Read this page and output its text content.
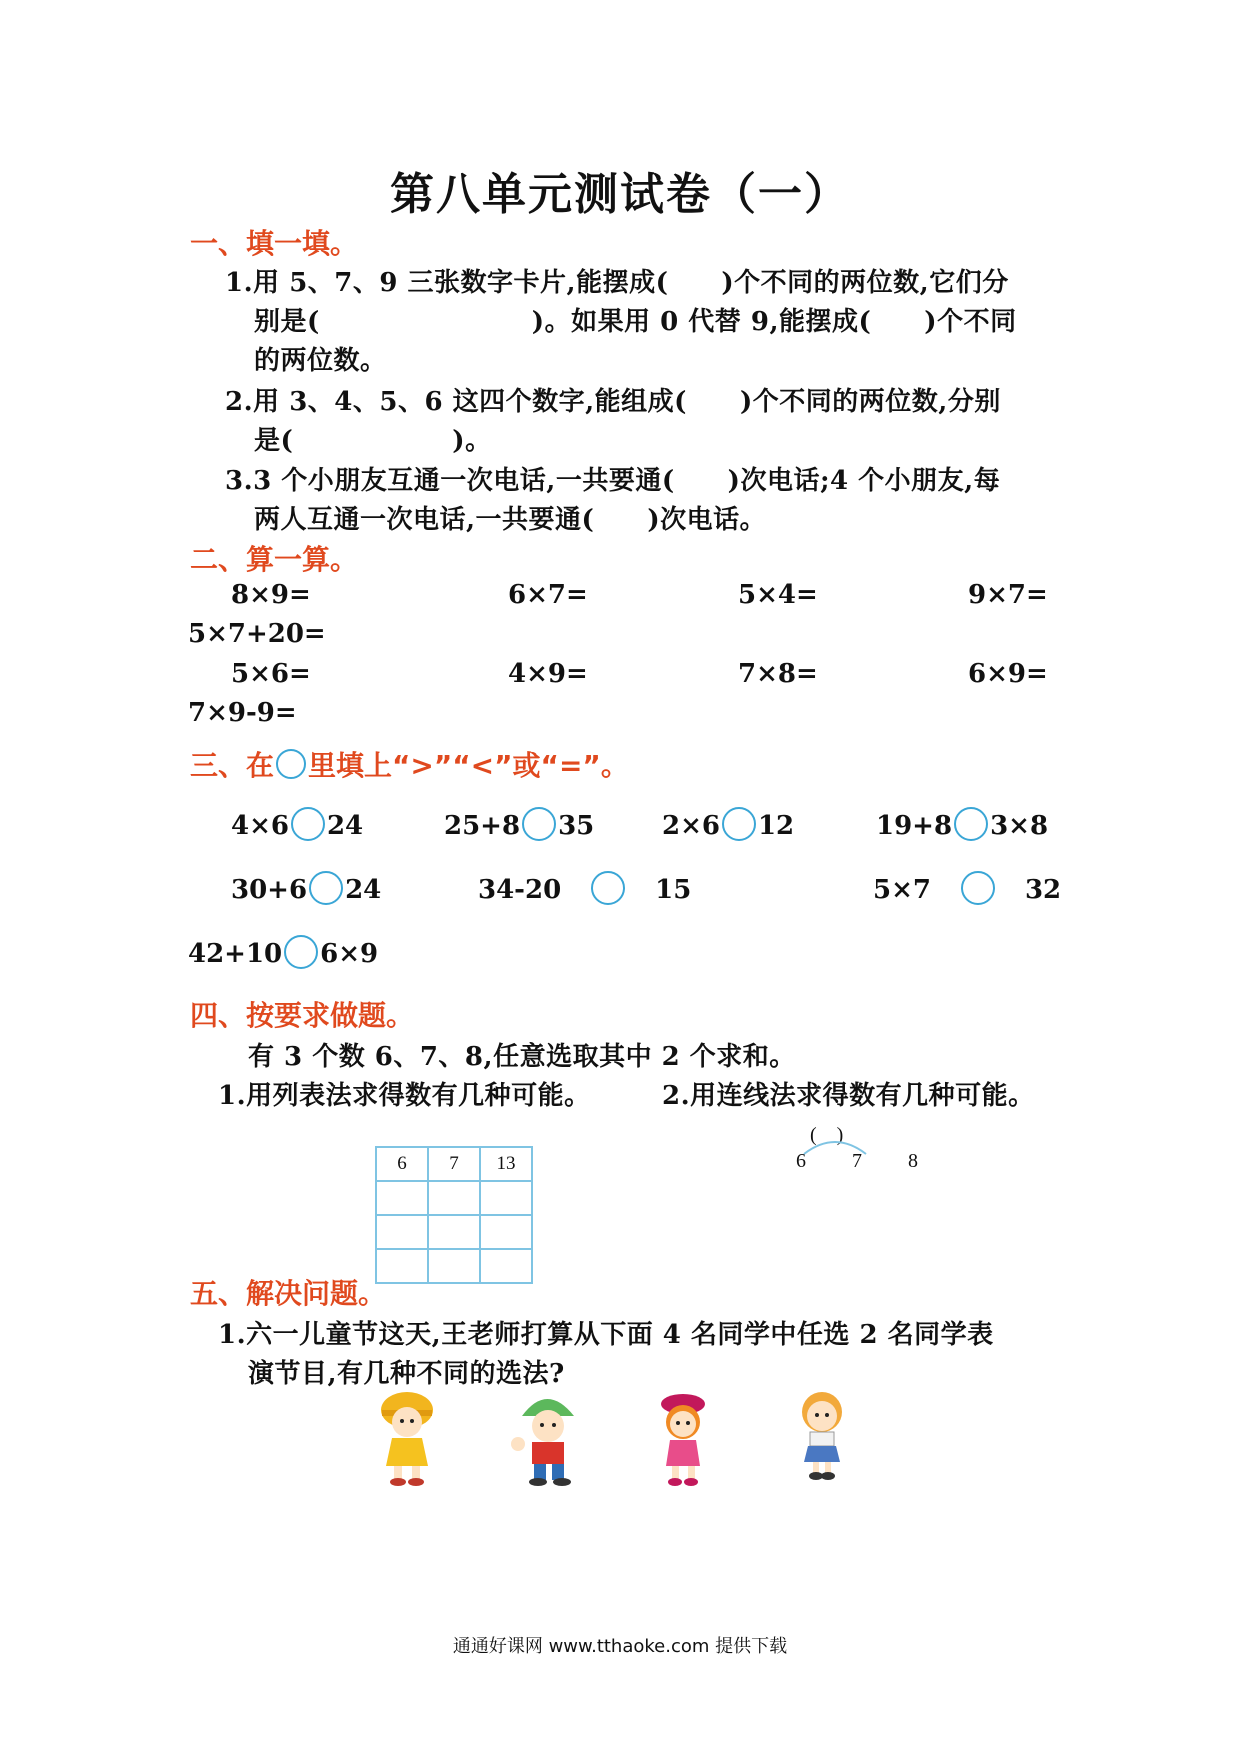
第八单元测试卷（一）
一、填一填。
1.用 5、7、9 三张数字卡片,能摆成(　　)个不同的两位数,它们分
别是(　　　　　　　　)。如果用 0 代替 9,能摆成(　　)个不同
的两位数。
2.用 3、4、5、6 这四个数字,能组成(　　)个不同的两位数,分别
是(　　　　　　)。
3.3 个小朋友互通一次电话,一共要通(　　)次电话;4 个小朋友,每
两人互通一次电话,一共要通(　　)次电话。
二、算一算。
8×9=	6×7=	5×4=	9×7=
5×7+20=
5×6=	4×9=	7×8=	6×9=
7×9-9=
三、在 里填上“>”“<”或“=”。
4×6 24	25+8 35	2×6 12	19+8 3×8
30+6 24	34-20	15	5×7	32
42+10 6×9
四、按要求做题。
有 3 个数 6、7、8,任意选取其中 2 个求和。
1.用列表法求得数有几种可能。	2.用连线法求得数有几种可能。
6	7	13

(　)
6 7 8
五、解决问题。
1.六一儿童节这天,王老师打算从下面 4 名同学中任选 2 名同学表
演节目,有几种不同的选法?
通通好课网 www.tthaoke.com 提供下载
